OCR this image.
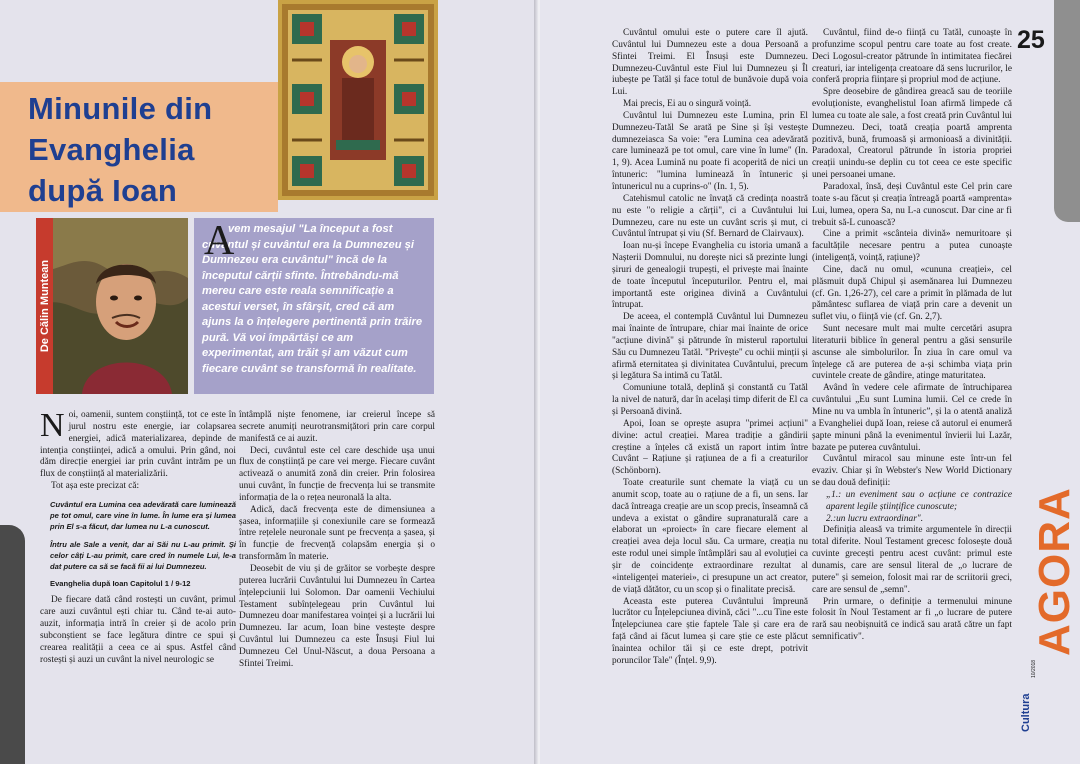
Minunile din
Evanghelia
după Ioan
De Călin Muntean
A

vem mesajul "La început a fost cuvântul și cuvântul era la Dumnezeu și Dumnezeu era cuvântul" încă de la începutul cărții sfinte. Întrebându-mă mereu care este reala semnificație a acestui verset, în sfârșit, cred că am ajuns la o înțelegere pertinentă prin trăire pură. Vă voi împărtăși ce am experimentat, am trăit și am văzut cum fiecare cuvânt se transformă în realitate.

Noi, oamenii, suntem conștiință, tot ce este în jurul nostru este energie, iar colapsarea energiei, adică materializarea, depinde de intenția conștiinței, adică a omului. Prin gând, noi dăm direcție energiei iar prin cuvânt intrăm pe un flux de conștiință al materializării.

Tot așa este precizat că:

Cuvântul era Lumina cea adevărată care luminează pe tot omul, care vine în lume. În lume era și lumea prin El s-a făcut, dar lumea nu L-a cunoscut.

Întru ale Sale a venit, dar ai Săi nu L-au primit. Și celor câți L-au primit, care cred în numele Lui, le-a dat putere ca să se facă fii ai lui Dumnezeu.

Evanghelia după Ioan Capitolul 1 / 9-12

De fiecare dată când rostești un cuvânt, primul care auzi cuvântul ești chiar tu. Când te-ai auto-auzit, informația intră în creier și de acolo prin subconștient se face legătura dintre ce spui și crearea realității a ceea ce ai spus. Astfel când rostești și auzi un cuvânt la nivel neurologic se

întâmplă niște fenomene, iar creierul începe să secrete anumiți neurotransmițători prin care corpul manifestă ce ai auzit.

Deci, cuvântul este cel care deschide ușa unui flux de conștiință pe care vei merge. Fiecare cuvânt activează o anumită zonă din creier. Prin folosirea unui cuvânt, în funcție de frecvența lui se transmite informația de la o rețea neuronală la alta.

Adică, dacă frecvența este de dimensiunea a șasea, informațiile și conexiunile care se formează între rețelele neuronale sunt pe frecvența a șasea, și în funcție de frecvență colapsăm energia și o transformăm în materie.

Deosebit de viu și de grăitor se vorbește despre puterea lucrării Cuvântului lui Dumnezeu în Cartea înțelepciunii lui Solomon. Dar oamenii Vechiului Testament subînțelegeau prin Cuvântul lui Dumnezeu doar manifestarea voinței și a lucrării lui Dumnezeu. Iar acum, Ioan bine vestește despre Cuvântul lui Dumnezeu ca este Însuși Fiul lui Dumnezeu Cel Unul-Născut, a doua Persoana a Sfintei Treimi.

Cuvântul omului este o putere care îl ajută. Cuvântul lui Dumnezeu este a doua Persoană a Sfintei Treimi. El Însuși este Dumnezeu. Dumnezeu-Cuvântul este Fiul lui Dumnezeu și Îl iubește pe Tatăl și face totul de bunăvoie după voia Lui.

Mai precis, Ei au o singură voință.

Cuvântul lui Dumnezeu este Lumina, prin El Dumnezeu-Tatăl Se arată pe Sine și își vestește dumnezeiasca Sa voie: "era Lumina cea adevărată care luminează pe tot omul, care vine în lume" (In. 1, 9). Acea Lumină nu poate fi acoperită de nici un întuneric: "lumina luminează în întuneric și întunericul nu a cuprins-o" (In. 1, 5).

Catehismul catolic ne învață că credința noastră nu este "o religie a cărții", ci a Cuvântului lui Dumnezeu, care nu este un cuvânt scris și mut, ci Cuvântul întrupat și viu (Sf. Bernard de Clairvaux).

Ioan nu-și începe Evanghelia cu istoria umană a Nașterii Domnului, nu dorește nici să prezinte lungi șiruri de genealogii trupești, el privește mai înainte de toate începutul începuturilor. Pentru el, mai importantă este originea divină a Cuvântului întrupat.

De aceea, el contemplă Cuvântul lui Dumnezeu mai înainte de întrupare, chiar mai înainte de orice "acțiune divină" și pătrunde în misterul raportului Său cu Dumnezeu Tatăl. "Privește" cu ochii minții și afirmă eternitatea și divinitatea Cuvântului, precum și legătura Sa intimă cu Tatăl.

Comuniune totală, deplină și constantă cu Tatăl la nivel de natură, dar în același timp diferit de El ca și Persoană divină.

Apoi, Ioan se oprește asupra "primei acțiuni" divine: actul creației. Marea tradiție a gândirii creștine a înțeles că există un raport intim între Cuvânt – Rațiune și rațiunea de a fi a creaturilor (Schönborn).

Toate creaturile sunt chemate la viață cu un anumit scop, toate au o rațiune de a fi, un sens. Iar dacă întreaga creație are un scop precis, înseamnă că undeva a existat o gândire supranaturală care a elaborat un «proiect» în care fiecare element al creației avea deja locul său. Ca urmare, creația nu este rodul unei simple întâmplări sau al evoluției ca șir de coincidențe extraordinare rezultat al «inteligenței materiei», ci presupune un act creator, de viață dătător, cu un scop și o finalitate precisă.

Aceasta este puterea Cuvântului împreună lucrător cu Înțelepciunea divină, căci "...cu Tine este Înțelepciunea care știe faptele Tale și care era de față când ai făcut lumea și care știe ce este plăcut înaintea ochilor tăi și ce este drept, potrivit poruncilor Tale" (Înțel. 9,9).

Cuvântul, fiind de-o ființă cu Tatăl, cunoaște în profunzime scopul pentru care toate au fost create. Deci Logosul-creator pătrunde în intimitatea fiecărei creaturi, iar inteligența creatoare dă sens lucrurilor, le conferă propria ființare și propriul mod de acțiune.

Spre deosebire de gândirea greacă sau de teoriile evoluționiste, evanghelistul Ioan afirmă limpede că lumea cu toate ale sale, a fost creată prin Cuvântul lui Dumnezeu. Deci, toată creația poartă amprenta pozitivă, bună, frumoasă și armonioasă a divinității. Paradoxal, Creatorul pătrunde în istoria propriei creații unindu-se deplin cu tot ceea ce este specific unei persoanei umane.

Paradoxal, însă, deși Cuvântul este Cel prin care toate s-au făcut și creația întreagă poartă «amprenta» Lui, lumea, opera Sa, nu L-a cunoscut. Dar cine ar fi trebuit să-L cunoască?

Cine a primit «scânteia divină» nemuritoare și facultățile necesare pentru a putea cunoaște (inteligență, voință, rațiune)?

Cine, dacă nu omul, «cununa creației», cel plăsmuit după Chipul și asemănarea lui Dumnezeu (cf. Gn. 1,26-27), cel care a primit în plămada de lut pământesc suflarea de viață prin care a devenit un suflet viu, o ființă vie (cf. Gn. 2,7).

Sunt necesare mult mai multe cercetări asupra literaturii biblice în general pentru a găsi sensurile ascunse ale simbolurilor. În ziua în care omul va înțelege că are puterea de a-și schimba viața prin cuvintele create de gândire, atinge maturitatea.

Având în vedere cele afirmate de întruchiparea cuvântului „Eu sunt Lumina lumii. Cel ce crede în Mine nu va umbla în întuneric”, și la o atentă analiză a Evangheliei după Ioan, reiese că autorul ei enumeră șapte minuni până la evenimentul învierii lui Lazăr, bazate pe puterea cuvântului.

Cuvântul miracol sau minune este într-un fel evaziv. Chiar și în Webster's New World Dictionary se dau două definiții:

„1.: un eveniment sau o acțiune ce contrazice aparent legile științifice cunoscute;

2.:un lucru extraordinar".

Definiția aleasă va trimite argumentele în direcții total diferite. Noul Testament grecesc folosește două cuvinte grecești pentru acest cuvânt: primul este dunamis, care are sensul literal de „o lucrare de putere" și semeion, folosit mai rar de scriitorii greci, care are sensul de „semn".

Prin urmare, o definiție a termenului minune folosit în Noul Testament ar fi „o lucrare de putere rară sau neobișnuită ce indică sau arată către un fapt semnificativ".

25
Cultura
10/2018
